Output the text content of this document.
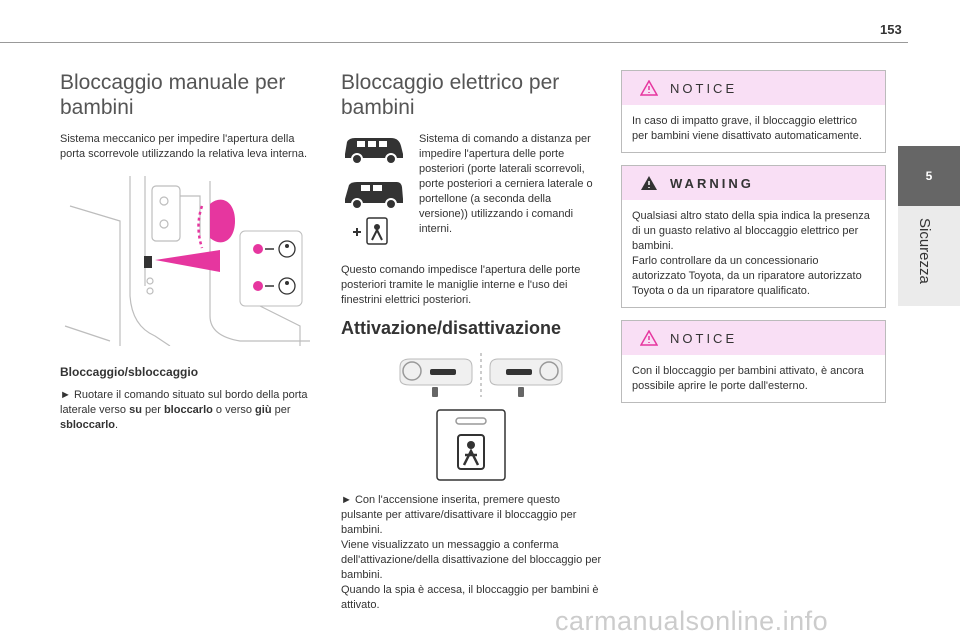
153
5
Sicurezza
Bloccaggio manuale per bambini

Sistema meccanico per impedire l'apertura della porta scorrevole utilizzando la relativa leva interna.

Bloccaggio/sbloccaggio

► Ruotare il comando situato sul bordo della porta laterale verso su per bloccarlo o verso giù per sbloccarlo.

Bloccaggio elettrico per bambini

Sistema di comando a distanza per impedire l'apertura delle porte posteriori (porte laterali scorrevoli, porte posteriori a cerniera laterale o portellone (a seconda della versione)) utilizzando i comandi interni.

Questo comando impedisce l'apertura delle porte posteriori tramite le maniglie interne e l'uso dei finestrini elettrici posteriori.

Attivazione/disattivazione

► Con l'accensione inserita, premere questo pulsante per attivare/disattivare il bloccaggio per bambini.

Viene visualizzato un messaggio a conferma dell'attivazione/della disattivazione del bloccaggio per bambini.

Quando la spia è accesa, il bloccaggio per bambini è attivato.

NOTICE

In caso di impatto grave, il bloccaggio elettrico per bambini viene disattivato automaticamente.

WARNING

Qualsiasi altro stato della spia indica la presenza di un guasto relativo al bloccaggio elettrico per bambini.

Farlo controllare da un concessionario autorizzato Toyota, da un riparatore autorizzato Toyota o da un riparatore qualificato.

NOTICE

Con il bloccaggio per bambini attivato, è ancora possibile aprire le porte dall'esterno.

carmanualsonline.info
